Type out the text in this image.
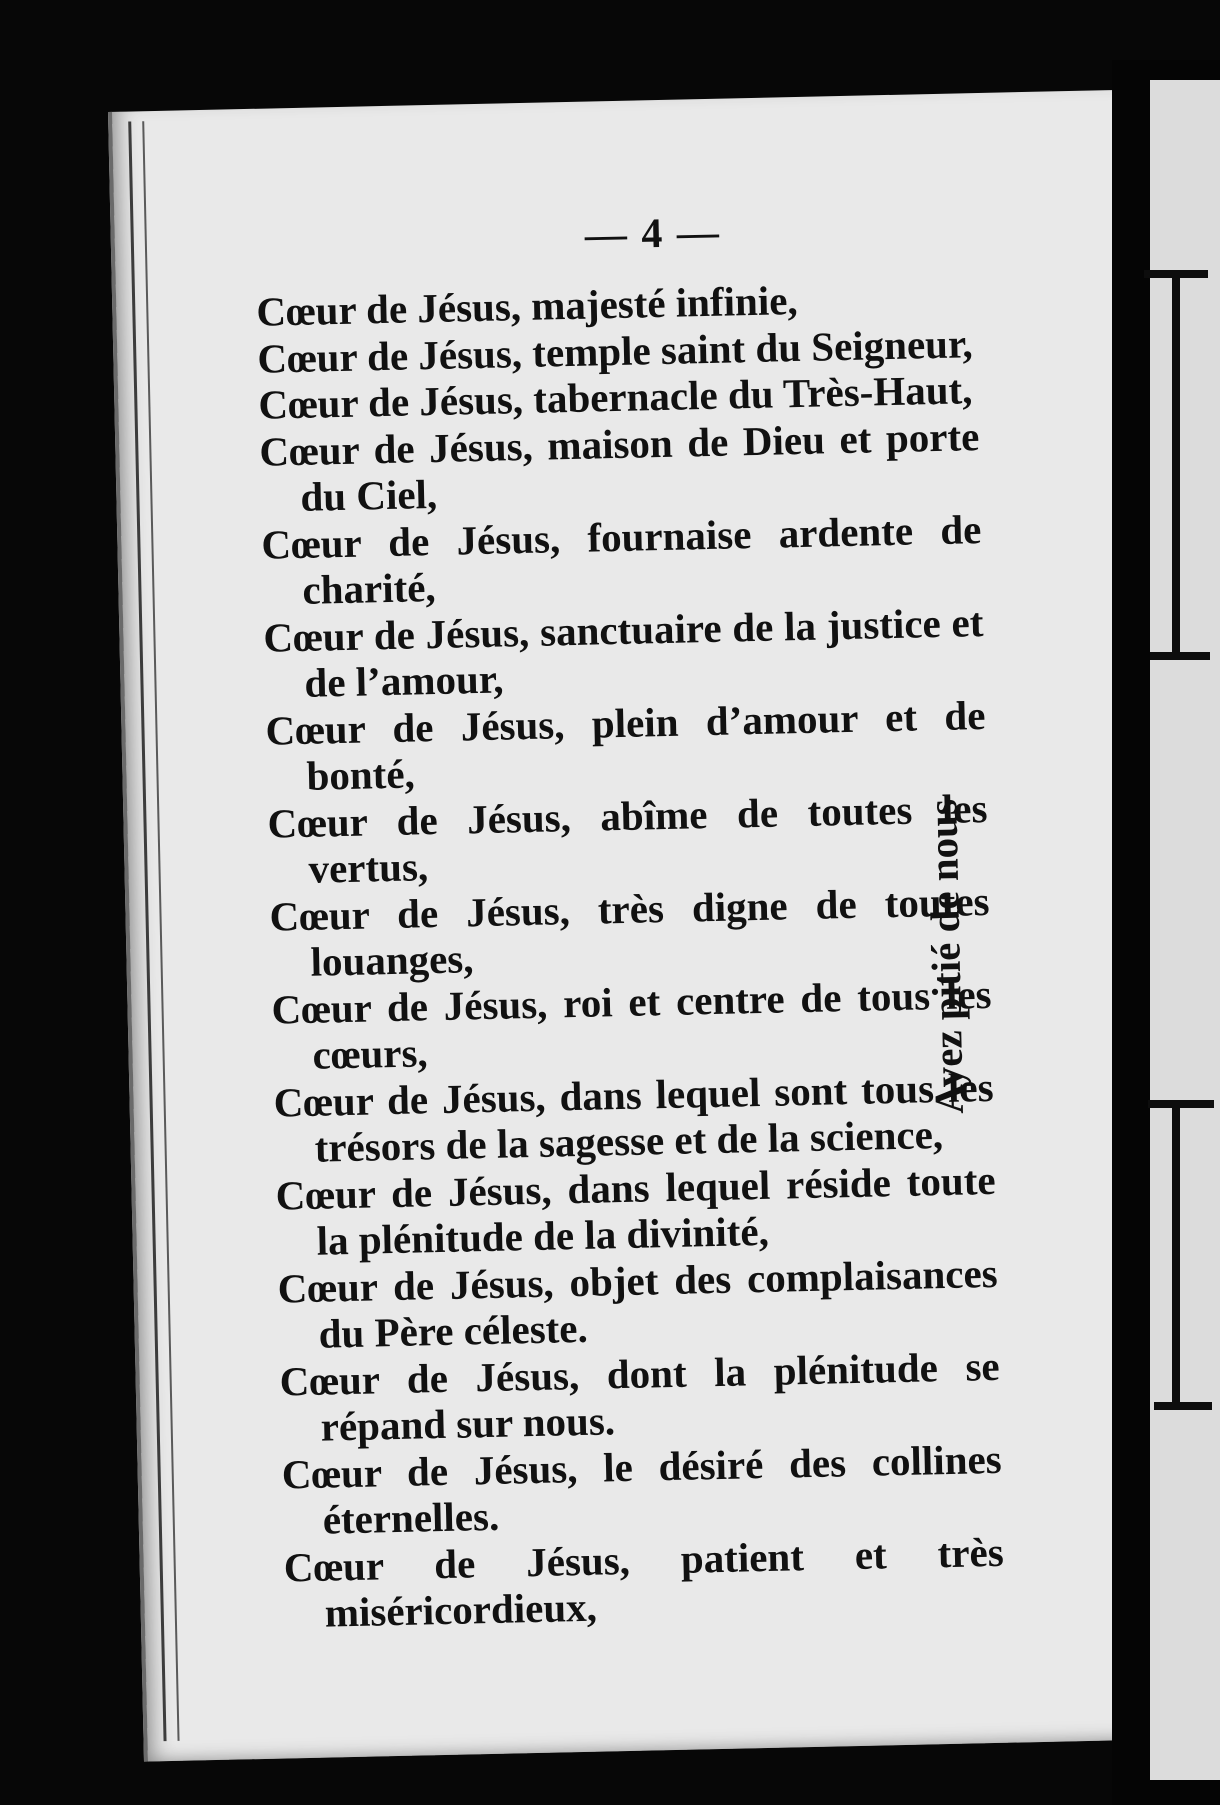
— 4 —
Cœur de Jésus, majesté infinie,
Cœur de Jésus, temple saint du Seigneur,
Cœur de Jésus, tabernacle du Très-Haut,
Cœur de Jésus, maison de Dieu et porte du Ciel,
Cœur de Jésus, fournaise ardente de charité,
Cœur de Jésus, sanctuaire de la justice et de l’amour,
Cœur de Jésus, plein d’amour et de bonté,
Cœur de Jésus, abîme de toutes les vertus,
Cœur de Jésus, très digne de toutes louanges,
Cœur de Jésus, roi et centre de tous les cœurs,
Cœur de Jésus, dans lequel sont tous les trésors de la sagesse et de la science,
Cœur de Jésus, dans lequel réside toute la plénitude de la divinité,
Cœur de Jésus, objet des complaisances du Père céleste.
Cœur de Jésus, dont la plénitude se répand sur nous.
Cœur de Jésus, le désiré des collines éternelles.
Cœur de Jésus, patient et très miséricordieux,
Ayez pitié de nous
